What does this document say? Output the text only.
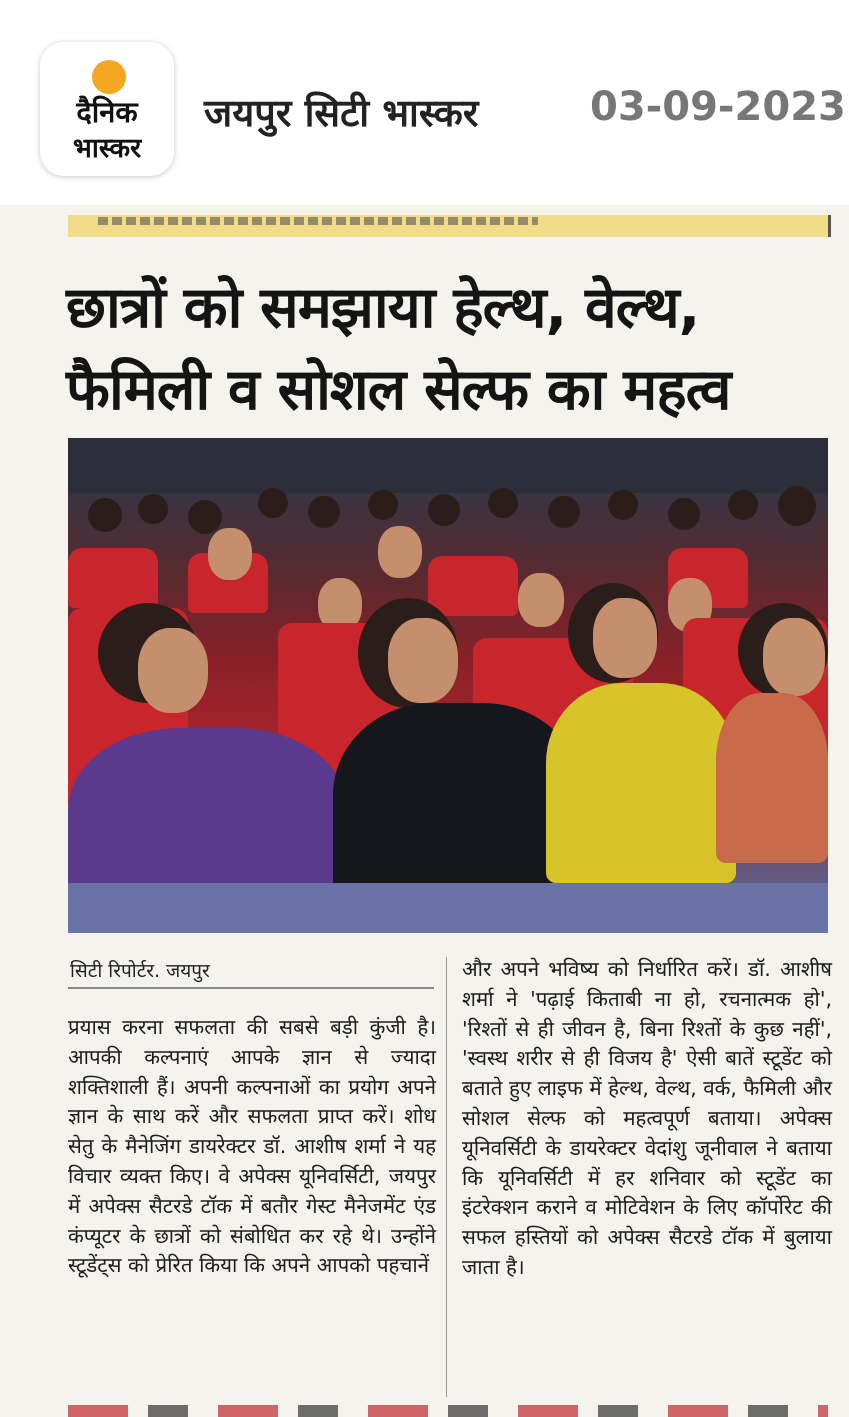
दैनिक
भास्कर
जयपुर सिटी भास्कर	03-09-2023
छात्रों को समझाया हेल्थ, वेल्थ,
फैमिली व सोशल सेल्फ का महत्व
सिटी रिपोर्टर. जयपुर
प्रयास करना सफलता की सबसे बड़ी कुंजी है। आपकी कल्पनाएं आपके ज्ञान से ज्यादा शक्तिशाली हैं। अपनी कल्पनाओं का प्रयोग अपने ज्ञान के साथ करें और सफलता प्राप्त करें। शोध सेतु के मैनेजिंग डायरेक्टर डॉ. आशीष शर्मा ने यह विचार व्यक्त किए। वे अपेक्स यूनिवर्सिटी, जयपुर में अपेक्स सैटरडे टॉक में बतौर गेस्ट मैनेजमेंट एंड कंप्यूटर के छात्रों को संबोधित कर रहे थे। उन्होंने स्टूडेंट्स को प्रेरित किया कि अपने आपको पहचानें
और अपने भविष्य को निर्धारित करें। डॉ. आशीष शर्मा ने 'पढ़ाई किताबी ना हो, रचनात्मक हो', 'रिश्तों से ही जीवन है, बिना रिश्तों के कुछ नहीं', 'स्वस्थ शरीर से ही विजय है' ऐसी बातें स्टूडेंट को बताते हुए लाइफ में हेल्थ, वेल्थ, वर्क, फैमिली और सोशल सेल्फ को महत्वपूर्ण बताया। अपेक्स यूनिवर्सिटी के डायरेक्टर वेदांशु जूनीवाल ने बताया कि यूनिवर्सिटी में हर शनिवार को स्टूडेंट का इंटरेक्शन कराने व मोटिवेशन के लिए कॉर्पोरेट की सफल हस्तियों को अपेक्स सैटरडे टॉक में बुलाया जाता है।
